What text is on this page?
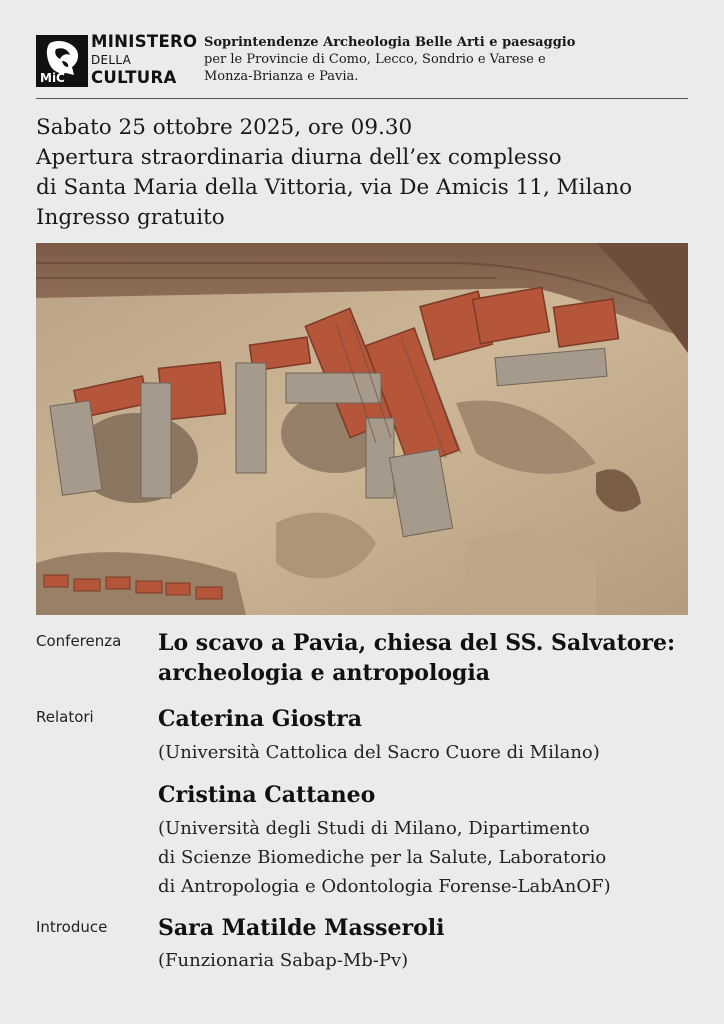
MiC
MINISTERO
DELLA
CULTURA
Soprintendenze Archeologia Belle Arti e paesaggio
per le Provincie di Como, Lecco, Sondrio e Varese e
Monza-Brianza e Pavia.
Sabato 25 ottobre 2025, ore 09.30
Apertura straordinaria diurna dell’ex complesso
di Santa Maria della Vittoria, via De Amicis 11, Milano
Ingresso gratuito
Conferenza Lo scavo a Pavia, chiesa del SS. Salvatore:
archeologia e antropologia
Relatori	Caterina Giostra
(Università Cattolica del Sacro Cuore di Milano)
Cristina Cattaneo
(Università degli Studi di Milano, Dipartimento
di Scienze Biomediche per la Salute, Laboratorio
di Antropologia e Odontologia Forense-LabAnOF)
Introduce Sara Matilde Masseroli
(Funzionaria Sabap-Mb-Pv)
